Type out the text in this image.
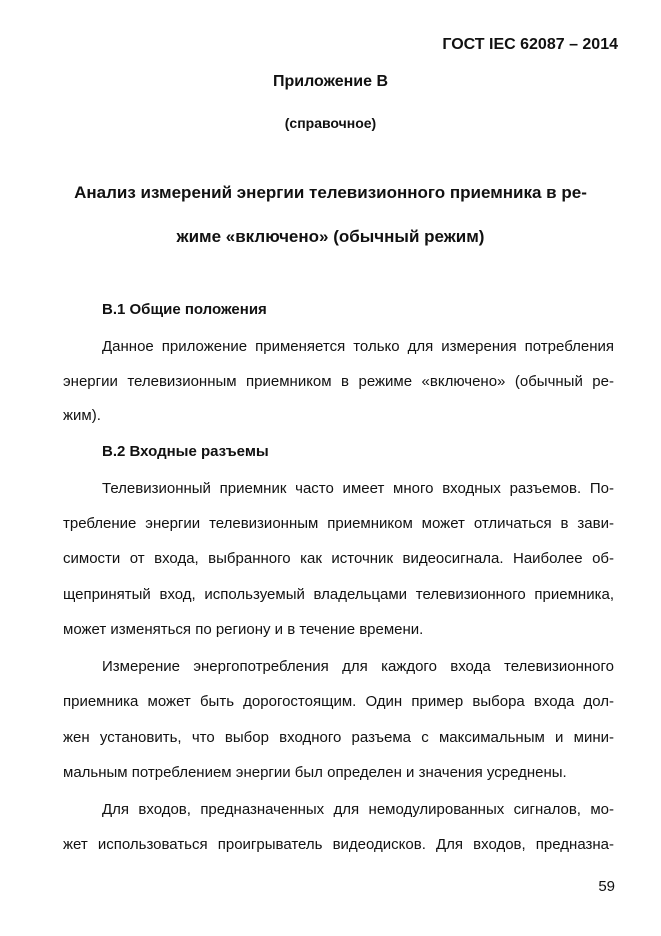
ГОСТ IEC 62087 – 2014
Приложение В
(справочное)
Анализ измерений энергии телевизионного приемника в ре-
жиме «включено» (обычный режим)
В.1 Общие положения
Данное приложение применяется только для измерения потребления
энергии телевизионным приемником в режиме «включено» (обычный ре-
жим).
В.2 Входные разъемы
Телевизионный приемник часто имеет много входных разъемов. По-
требление энергии телевизионным приемником может отличаться в зави-
симости от входа, выбранного как источник видеосигнала. Наиболее об-
щепринятый вход, используемый владельцами телевизионного приемника,
может изменяться по региону и в течение времени.
Измерение энергопотребления для каждого входа телевизионного
приемника может быть дорогостоящим. Один пример выбора входа дол-
жен установить, что выбор входного разъема с максимальным и мини-
мальным потреблением энергии был определен и значения усреднены.
Для входов, предназначенных для немодулированных сигналов, мо-
жет использоваться проигрыватель видеодисков. Для входов, предназна-
59
